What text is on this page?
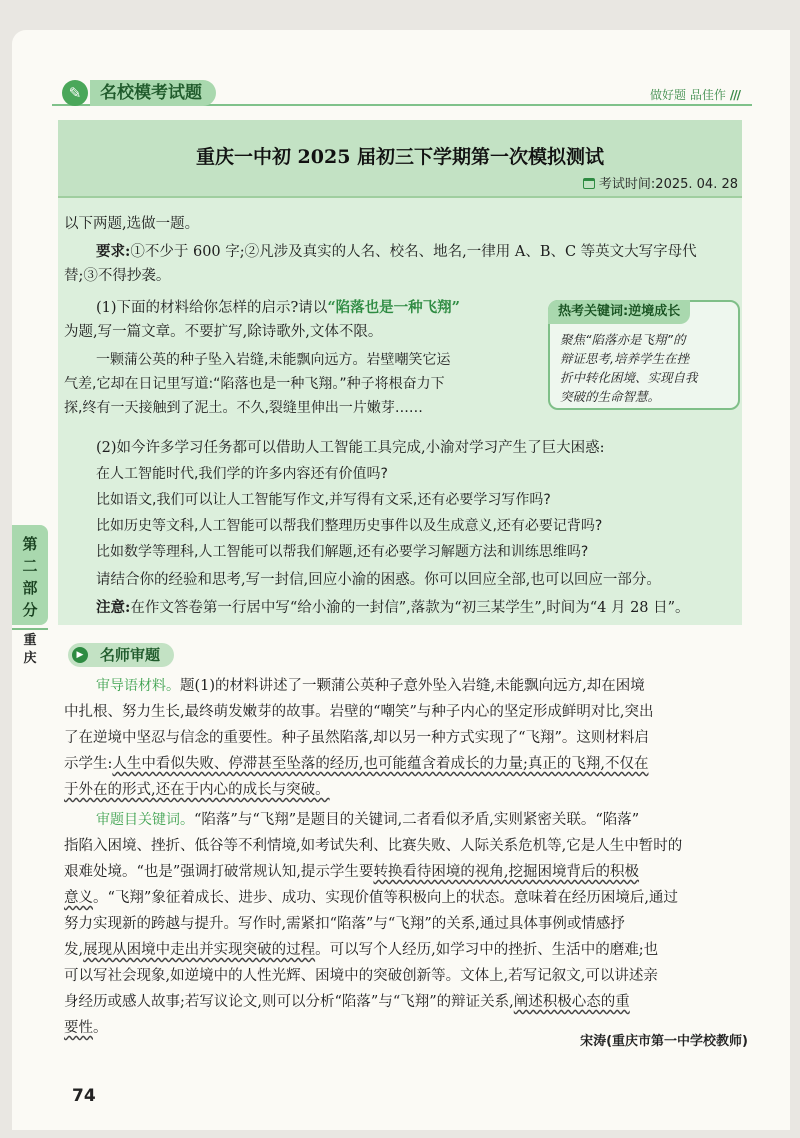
✎	名校模考试题	做好题 品佳作 ///
重庆一中初 2025 届初三下学期第一次模拟测试
考试时间:2025. 04. 28
以下两题,选做一题。
要求:①不少于 600 字;②凡涉及真实的人名、校名、地名,一律用 A、B、C 等英文大写字母代
替;③不得抄袭。
(1)下面的材料给你怎样的启示?请以“陷落也是一种飞翔”
为题,写一篇文章。不要扩写,除诗歌外,文体不限。
一颗蒲公英的种子坠入岩缝,未能飘向远方。岩壁嘲笑它运
气差,它却在日记里写道:“陷落也是一种飞翔。”种子将根奋力下
探,终有一天接触到了泥土。不久,裂缝里伸出一片嫩芽……
(2)如今许多学习任务都可以借助人工智能工具完成,小渝对学习产生了巨大困惑:
在人工智能时代,我们学的许多内容还有价值吗?
比如语文,我们可以让人工智能写作文,并写得有文采,还有必要学习写作吗?
比如历史等文科,人工智能可以帮我们整理历史事件以及生成意义,还有必要记背吗?
比如数学等理科,人工智能可以帮我们解题,还有必要学习解题方法和训练思维吗?
请结合你的经验和思考,写一封信,回应小渝的困惑。你可以回应全部,也可以回应一部分。
注意:在作文答卷第一行居中写“给小渝的一封信”,落款为“初三某学生”,时间为“4 月 28 日”。
热考关键词:逆境成长
聚焦“陷落亦是飞翔”的
辩证思考,培养学生在挫
折中转化困境、实现自我
突破的生命智慧。
第二部分
重庆	名师审题
▶
审导语材料。题(1)的材料讲述了一颗蒲公英种子意外坠入岩缝,未能飘向远方,却在困境
中扎根、努力生长,最终萌发嫩芽的故事。岩壁的“嘲笑”与种子内心的坚定形成鲜明对比,突出
了在逆境中坚忍与信念的重要性。种子虽然陷落,却以另一种方式实现了“飞翔”。这则材料启
示学生:人生中看似失败、停滞甚至坠落的经历,也可能蕴含着成长的力量;真正的飞翔,不仅在
于外在的形式,还在于内心的成长与突破。
审题目关键词。“陷落”与“飞翔”是题目的关键词,二者看似矛盾,实则紧密关联。“陷落”
指陷入困境、挫折、低谷等不利情境,如考试失利、比赛失败、人际关系危机等,它是人生中暂时的
艰难处境。“也是”强调打破常规认知,提示学生要转换看待困境的视角,挖掘困境背后的积极
意义。“飞翔”象征着成长、进步、成功、实现价值等积极向上的状态。意味着在经历困境后,通过
努力实现新的跨越与提升。写作时,需紧扣“陷落”与“飞翔”的关系,通过具体事例或情感抒
发,展现从困境中走出并实现突破的过程。可以写个人经历,如学习中的挫折、生活中的磨难;也
可以写社会现象,如逆境中的人性光辉、困境中的突破创新等。文体上,若写记叙文,可以讲述亲
身经历或感人故事;若写议论文,则可以分析“陷落”与“飞翔”的辩证关系,阐述积极心态的重
要性。
宋涛(重庆市第一中学校教师)
74
